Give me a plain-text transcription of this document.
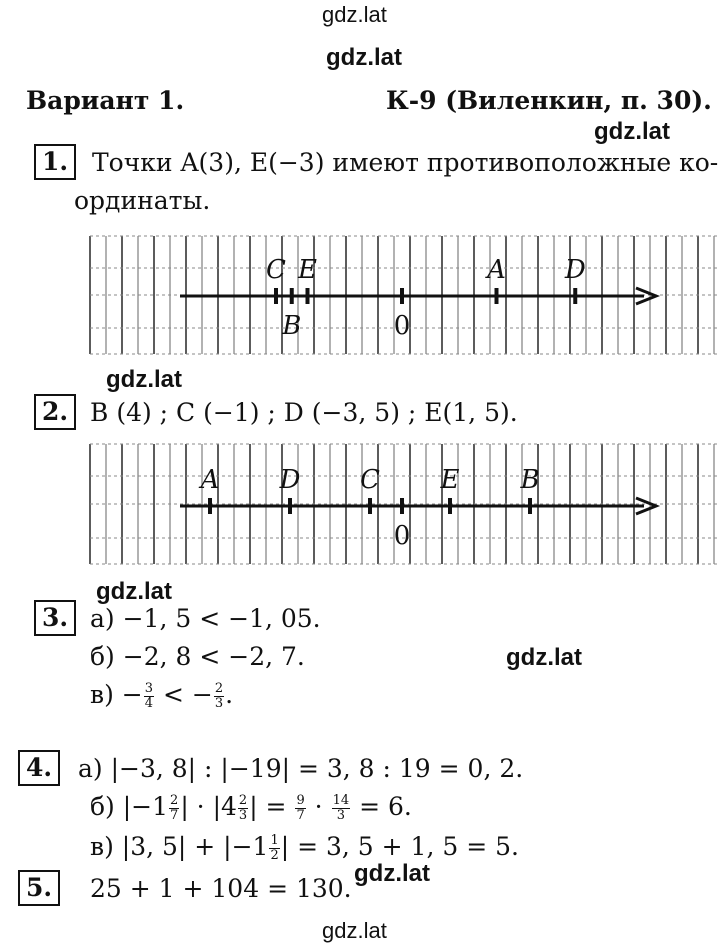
gdz.lat
gdz.lat
gdz.lat
gdz.lat
gdz.lat
gdz.lat
gdz.lat
gdz.lat
Вариант 1.	К-9 (Виленкин, п. 30).
1. Точки A(3), E(−3) имеют противоположные ко-
ординаты.
C
B
E
0
A D
2. B (4) ; C (−1) ; D (−3, 5) ; E(1, 5).
A D C
0
E B
3. а) −1, 5 < −1, 05.
б) −2, 8 < −2, 7.
$в) - \frac{3}{4}$ < − $\frac{2}{3}$ .
4.	а) |−3, 8| : |−19| = 3, 8 : 19 = 0, 2.
б) $|-1 \frac{2}{7}$ | · $|4 \frac{2}{3}$ | = $\frac{9}{7} \cdot \frac{14}{3} = 6$.
в) |3, $5| + |-1 \frac{1}{2}$ | = 3, 5 + 1, 5 = 5.
5.	25 + 1 + 104 = 130.
